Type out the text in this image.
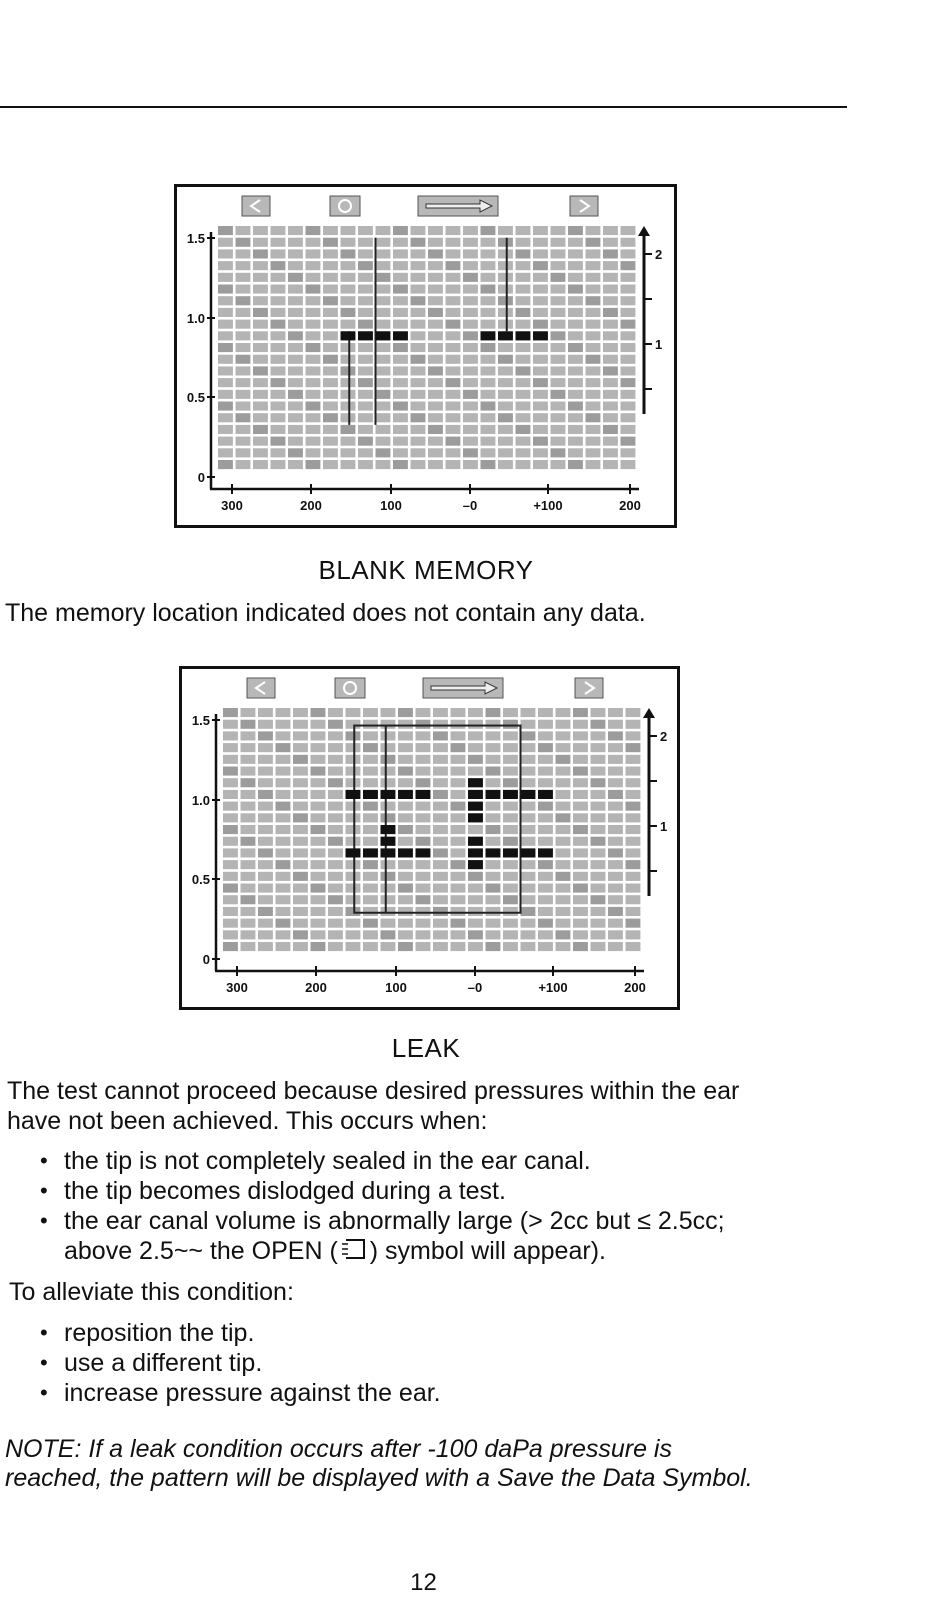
1.5
1.0
0.5
0
300	200	100	–0	+100	200
2
1
BLANK MEMORY

The memory location indicated does not contain any data.

1.5
1.0
0.5
0
300	200	100	–0	+100	200
2
1
LEAK

The test cannot proceed because desired pressures within the ear

have not been achieved. This occurs when:

• the tip is not completely sealed in the ear canal.
• the tip becomes dislodged during a test.
• the ear canal volume is abnormally large (> 2cc but ≤ 2.5cc;
above 2.5~~ the OPEN ( ) symbol will appear).

To alleviate this condition:

• reposition the tip.
• use a different tip.
• increase pressure against the ear.

NOTE: If a leak condition occurs after -100 daPa pressure is

reached, the pattern will be displayed with a Save the Data Symbol.

12
